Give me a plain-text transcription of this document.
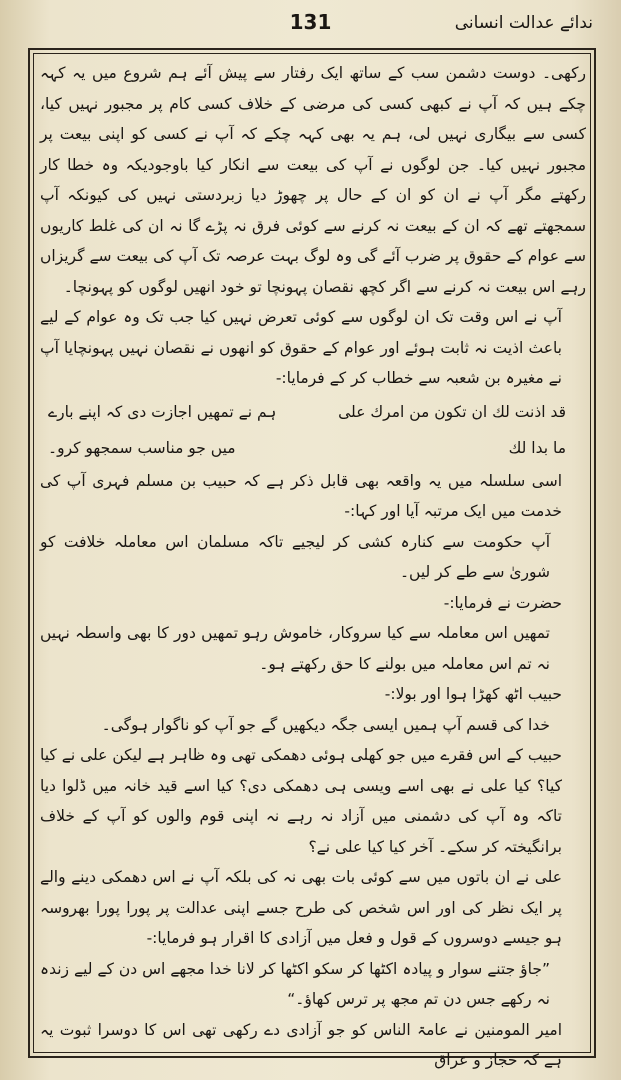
ندائے عدالت انسانی
131

رکھی۔ دوست دشمن سب کے ساتھ ایک رفتار سے پیش آئے ہم شروع میں یہ کہہ چکے ہیں کہ آپ نے کبھی کسی کی مرضی کے خلاف کسی کام پر مجبور نہیں کیا، کسی سے بیگاری نہیں لی، ہم یہ بھی کہہ چکے کہ آپ نے کسی کو اپنی بیعت پر مجبور نہیں کیا۔ جن لوگوں نے آپ کی بیعت سے انکار کیا باوجودیکہ وہ خطا کار رکھتے مگر آپ نے ان کو ان کے حال پر چھوڑ دیا زبردستی نہیں کی کیونکہ آپ سمجھتے تھے کہ ان کے بیعت نہ کرنے سے کوئی فرق نہ پڑے گا نہ ان کی غلط کاریوں سے عوام کے حقوق پر ضرب آئے گی وہ لوگ بہت عرصہ تک آپ کی بیعت سے گریزاں رہے اس بیعت نہ کرنے سے اگر کچھ نقصان پہونچا تو خود انھیں لوگوں کو پہونچا۔

آپ نے اس وقت تک ان لوگوں سے کوئی تعرض نہیں کیا جب تک وہ عوام کے لیے باعث اذیت نہ ثابت ہوئے اور عوام کے حقوق کو انھوں نے نقصان نہیں پہونچایا آپ نے مغیرہ بن شعبہ سے خطاب کر کے فرمایا:-

قد اذنت لك ان تكون من امرك على
ہم نے تمھیں اجازت دی کہ اپنے بارے
ما بدا لك
میں جو مناسب سمجھو کرو۔

اسی سلسلہ میں یہ واقعہ بھی قابل ذکر ہے کہ حبیب بن مسلم فہری آپ کی خدمت میں ایک مرتبہ آیا اور کہا:-

آپ حکومت سے کنارہ کشی کر لیجیے تاکہ مسلمان اس معاملہ خلافت کو شوریٰ سے طے کر لیں۔

حضرت نے فرمایا:-

تمھیں اس معاملہ سے کیا سروکار، خاموش رہو تمھیں دور کا بھی واسطہ نہیں نہ تم اس معاملہ میں بولنے کا حق رکھتے ہو۔

حبیب اٹھ کھڑا ہوا اور بولا:-

خدا کی قسم آپ ہمیں ایسی جگہ دیکھیں گے جو آپ کو ناگوار ہوگی۔

حبیب کے اس فقرے میں جو کھلی ہوئی دھمکی تھی وہ ظاہر ہے لیکن علی نے کیا کیا؟ کیا علی نے بھی اسے ویسی ہی دھمکی دی؟ کیا اسے قید خانہ میں ڈلوا دیا تاکہ وہ آپ کی دشمنی میں آزاد نہ رہے نہ اپنی قوم والوں کو آپ کے خلاف برانگیختہ کر سکے۔ آخر کیا کیا علی نے؟

علی نے ان باتوں میں سے کوئی بات بھی نہ کی بلکہ آپ نے اس دھمکی دینے والے پر ایک نظر کی اور اس شخص کی طرح جسے اپنی عدالت پر پورا پورا بھروسہ ہو جیسے دوسروں کے قول و فعل میں آزادی کا اقرار ہو فرمایا:-

”جاؤ جتنے سوار و پیادہ اکٹھا کر سکو اکٹھا کر لانا خدا مجھے اس دن کے لیے زندہ نہ رکھے جس دن تم مجھ پر ترس کھاؤ۔“

امیر المومنین نے عامۃ الناس کو جو آزادی دے رکھی تھی اس کا دوسرا ثبوت یہ ہے کہ حجاز و عراق
